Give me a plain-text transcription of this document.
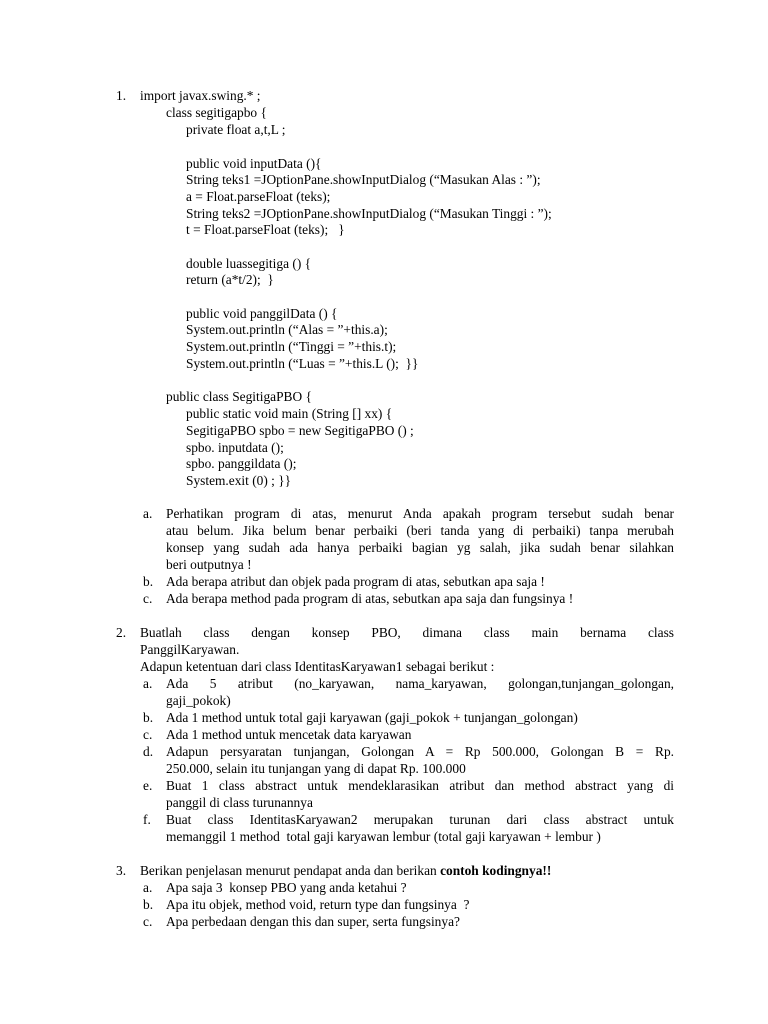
1. import javax.swing.* ;
class segitigapbo {
private float a,t,L ;
public void inputData (){
String teks1 =JOptionPane.showInputDialog (“Masukan Alas : ”);
a = Float.parseFloat (teks);
String teks2 =JOptionPane.showInputDialog (“Masukan Tinggi : ”);
t = Float.parseFloat (teks);   }
double luassegitiga () {
return (a*t/2);  }
public void panggilData () {
System.out.println (“Alas = ”+this.a);
System.out.println (“Tinggi = ”+this.t);
System.out.println (“Luas = ”+this.L ();  }}
public class SegitigaPBO {
public static void main (String [] xx) {
SegitigaPBO spbo = new SegitigaPBO () ;
spbo. inputdata ();
spbo. panggildata ();
System.exit (0) ; }}
a. Perhatikan program di atas, menurut Anda apakah program tersebut sudah benar
atau belum. Jika belum benar perbaiki (beri tanda yang di perbaiki) tanpa merubah
konsep yang sudah ada hanya perbaiki bagian yg salah, jika sudah benar silahkan
beri outputnya !
b. Ada berapa atribut dan objek pada program di atas, sebutkan apa saja !
c. Ada berapa method pada program di atas, sebutkan apa saja dan fungsinya !
2. Buatlah class dengan konsep PBO, dimana class main bernama class
PanggilKaryawan.
Adapun ketentuan dari class IdentitasKaryawan1 sebagai berikut :
a. Ada 5 atribut (no_karyawan, nama_karyawan, golongan,tunjangan_golongan,
gaji_pokok)
b. Ada 1 method untuk total gaji karyawan (gaji_pokok + tunjangan_golongan)
c. Ada 1 method untuk mencetak data karyawan
d. Adapun persyaratan tunjangan, Golongan A = Rp 500.000, Golongan B = Rp.
250.000, selain itu tunjangan yang di dapat Rp. 100.000
e. Buat 1 class abstract untuk mendeklarasikan atribut dan method abstract yang di
panggil di class turunannya
f. Buat class IdentitasKaryawan2 merupakan turunan dari class abstract untuk
memanggil 1 method  total gaji karyawan lembur (total gaji karyawan + lembur )
3. Berikan penjelasan menurut pendapat anda dan berikan contoh kodingnya!!
a. Apa saja 3  konsep PBO yang anda ketahui ?
b. Apa itu objek, method void, return type dan fungsinya  ?
c. Apa perbedaan dengan this dan super, serta fungsinya?
